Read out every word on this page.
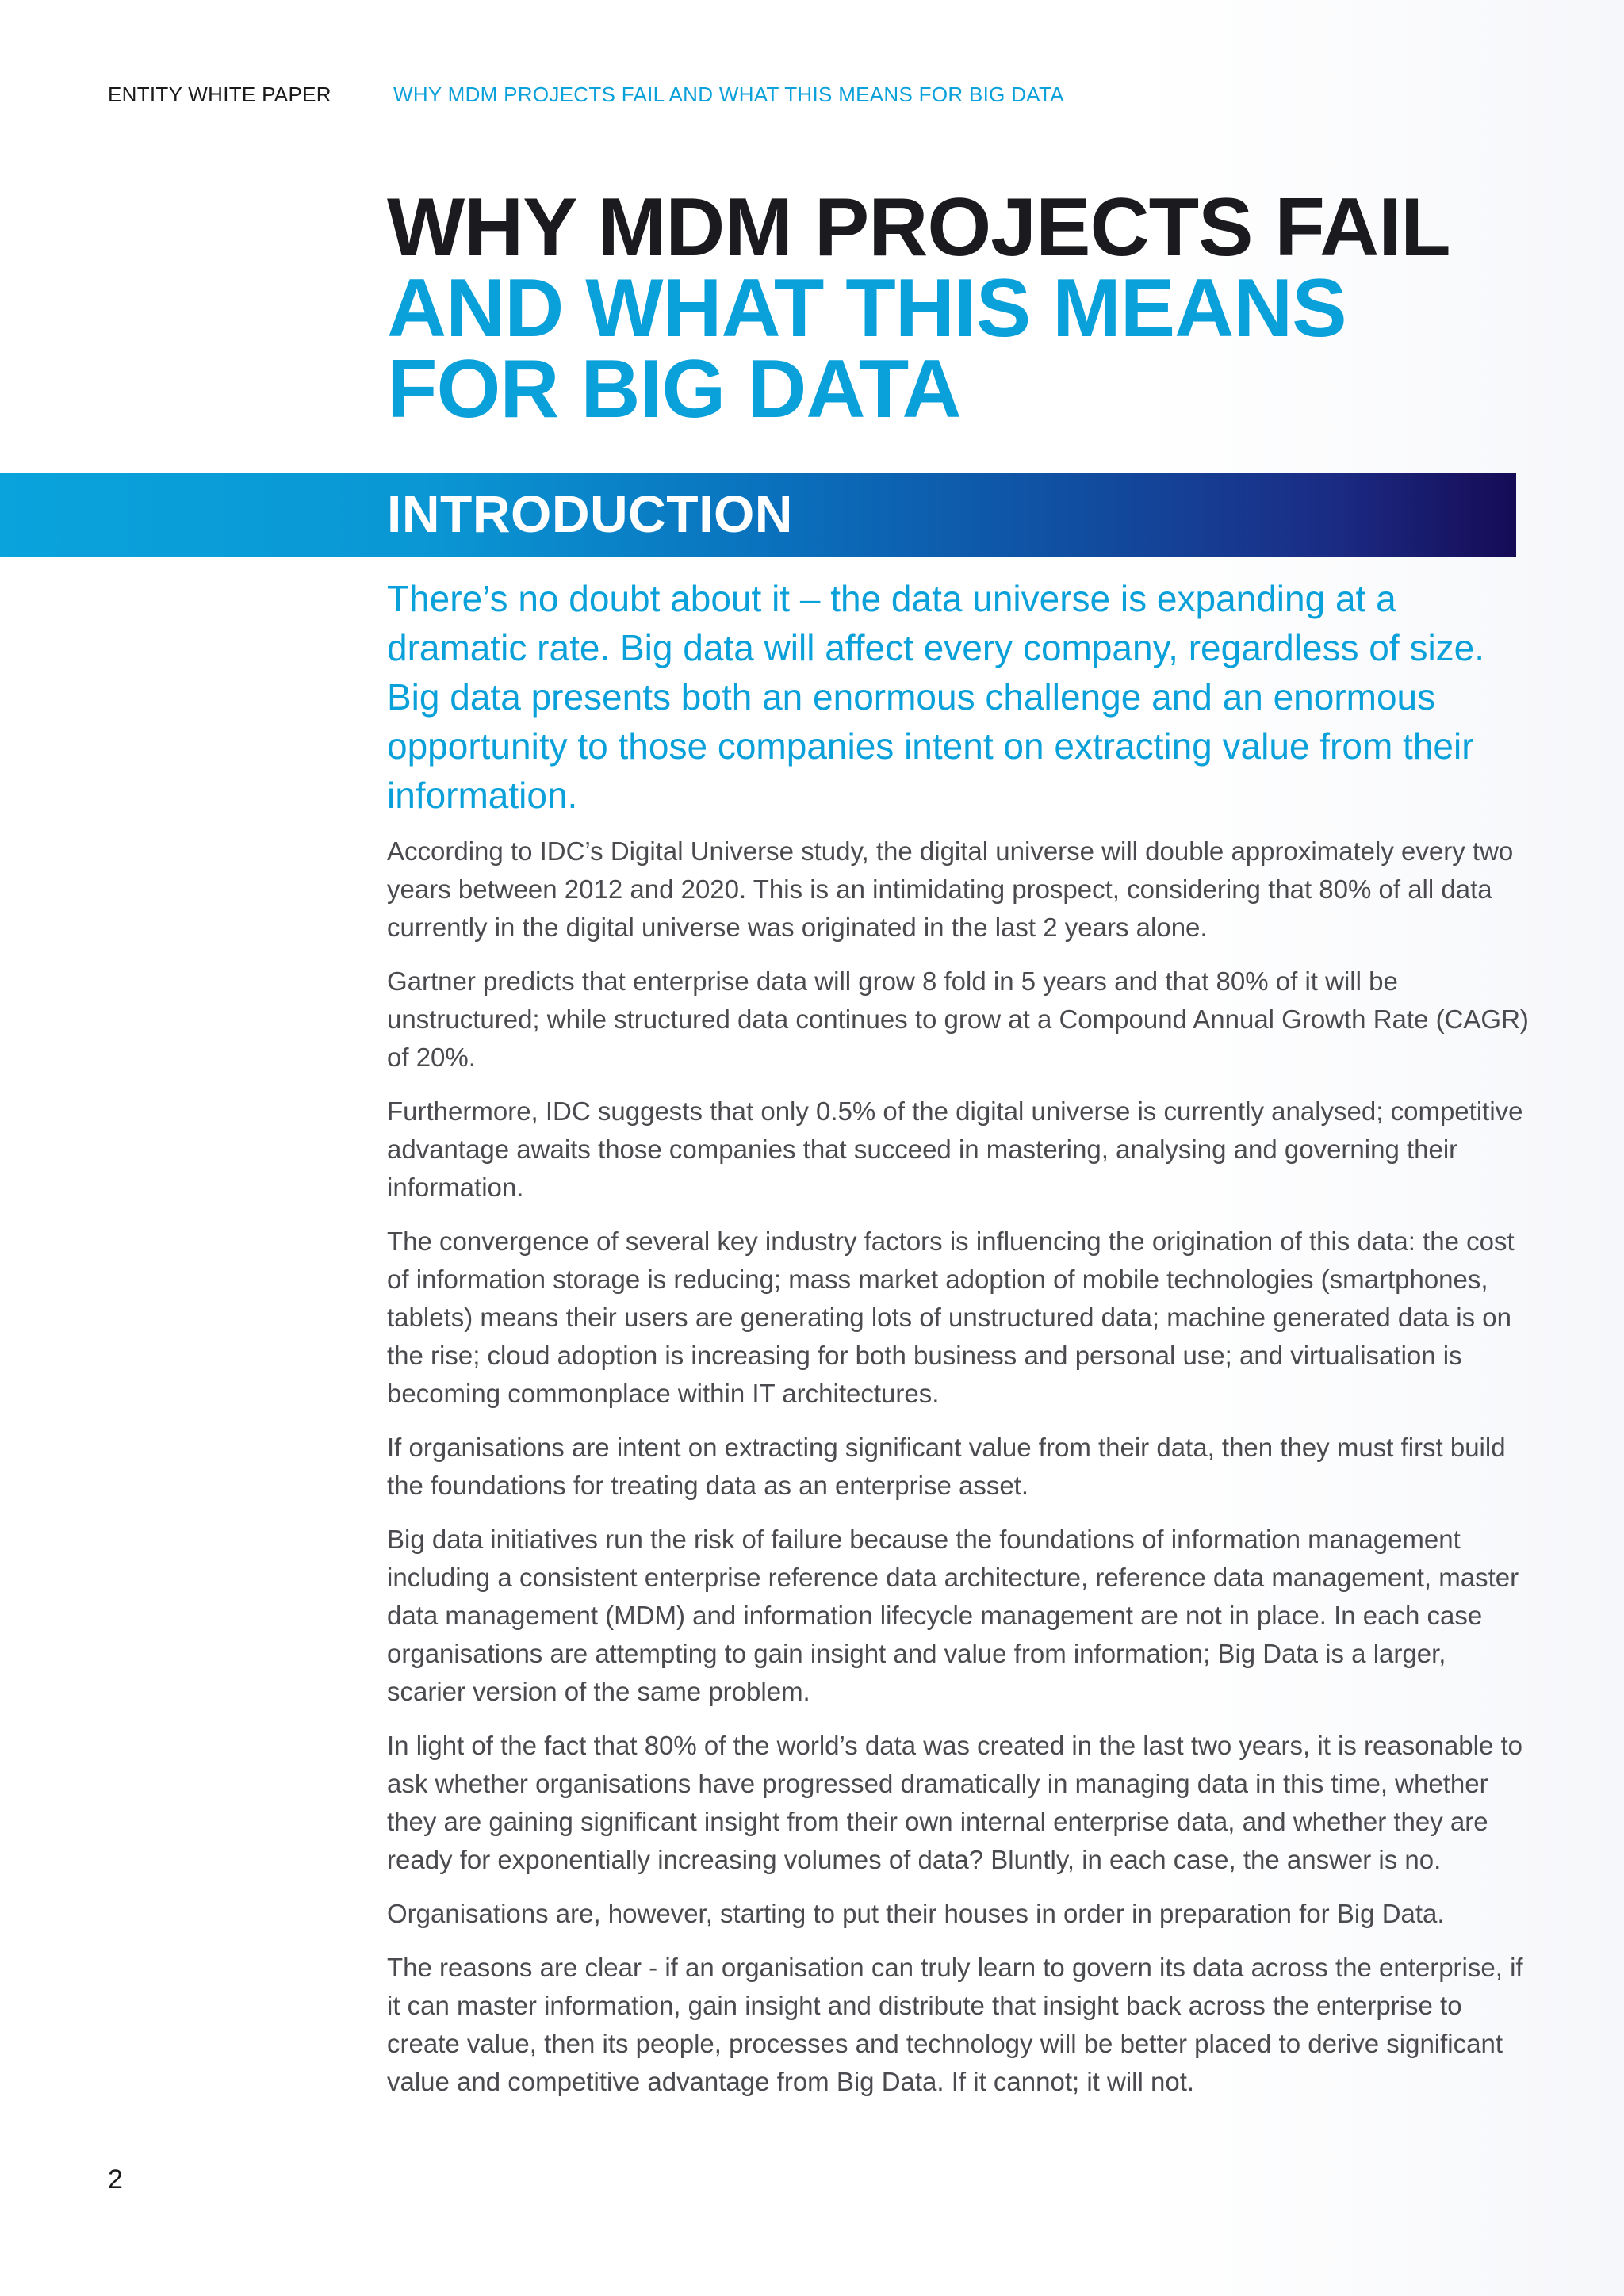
ENTITY WHITE PAPER	WHY MDM PROJECTS FAIL AND WHAT THIS MEANS FOR BIG DATA
WHY MDM PROJECTS FAIL
AND WHAT THIS MEANS
FOR BIG DATA
INTRODUCTION

There’s no doubt about it – the data universe is expanding at a dramatic rate. Big data will affect every company, regardless of size. Big data presents both an enormous challenge and an enormous opportunity to those companies intent on extracting value from their information.

According to IDC’s Digital Universe study, the digital universe will double approximately every two years between 2012 and 2020. This is an intimidating prospect, considering that 80% of all data currently in the digital universe was originated in the last 2 years alone.

Gartner predicts that enterprise data will grow 8 fold in 5 years and that 80% of it will be unstructured; while structured data continues to grow at a Compound Annual Growth Rate (CAGR) of 20%.

Furthermore, IDC suggests that only 0.5% of the digital universe is currently analysed; competitive advantage awaits those companies that succeed in mastering, analysing and governing their information.

The convergence of several key industry factors is influencing the origination of this data: the cost of information storage is reducing; mass market adoption of mobile technologies (smartphones, tablets) means their users are generating lots of unstructured data; machine generated data is on the rise; cloud adoption is increasing for both business and personal use; and virtualisation is becoming commonplace within IT architectures.

If organisations are intent on extracting significant value from their data, then they must first build the foundations for treating data as an enterprise asset.

Big data initiatives run the risk of failure because the foundations of information management including a consistent enterprise reference data architecture, reference data management, master data management (MDM) and information lifecycle management are not in place. In each case organisations are attempting to gain insight and value from information; Big Data is a larger, scarier version of the same problem.

In light of the fact that 80% of the world’s data was created in the last two years, it is reasonable to ask whether organisations have progressed dramatically in managing data in this time, whether they are gaining significant insight from their own internal enterprise data, and whether they are ready for exponentially increasing volumes of data? Bluntly, in each case, the answer is no.

Organisations are, however, starting to put their houses in order in preparation for Big Data.

The reasons are clear - if an organisation can truly learn to govern its data across the enterprise, if it can master information, gain insight and distribute that insight back across the enterprise to create value, then its people, processes and technology will be better placed to derive significant value and competitive advantage from Big Data. If it cannot; it will not.

2
